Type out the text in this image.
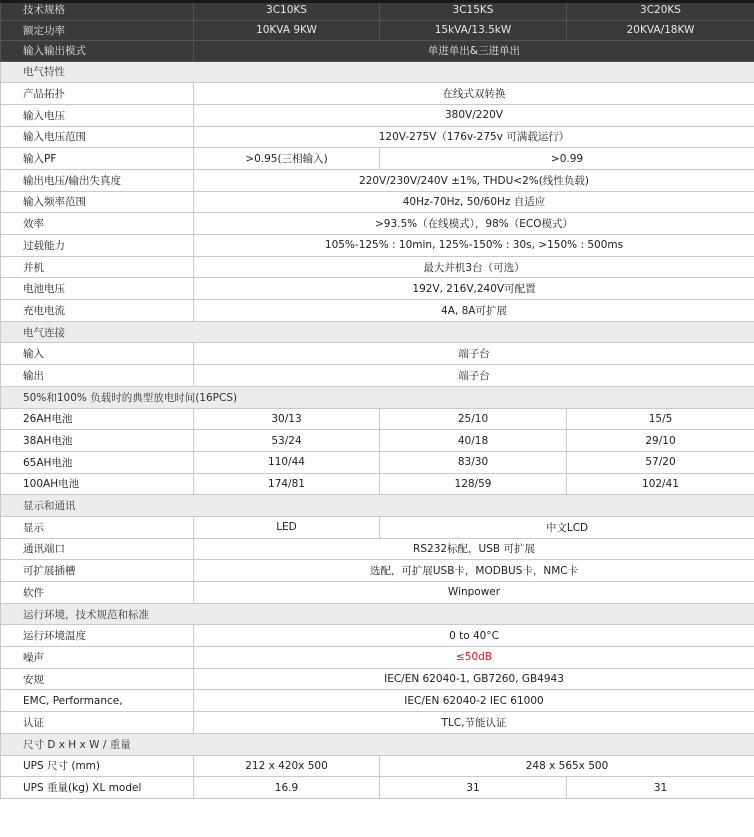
技术规格	3C10KS	3C15KS	3C20KS
额定功率	10KVA 9KW	15kVA/13.5kW	20KVA/18KW
输入输出模式	单进单出&三进单出		
电气特性			
产品拓扑	在线式双转换		
输入电压	380V/220V		
输入电压范围	120V-275V（176v-275v 可满载运行）		
输入PF	>0.95(三相输入)	>0.99	
输出电压/输出失真度	220V/230V/240V ±1%, THDU<2%(线性负载)		
输入频率范围	40Hz-70Hz, 50/60Hz 自适应		
效率	>93.5%（在线模式），98%（ECO模式）		
过载能力	105%-125% : 10min, 125%-150% : 30s, >150% : 500ms		
并机	最大并机3台（可选）		
电池电压	192V, 216V,240V可配置		
充电电流	4A, 8A可扩展		
电气连接			
输入	端子台		
输出	端子台		
50%和100% 负载时的典型放电时间(16PCS)			
26AH电池	30/13	25/10	15/5
38AH电池	53/24	40/18	29/10
65AH电池	110/44	83/30	57/20
100AH电池	174/81	128/59	102/41
显示和通讯			
显示	LED	中文LCD	
通讯端口	RS232标配，USB 可扩展		
可扩展插槽	选配，可扩展USB卡，MODBUS卡，NMC卡		
软件	Winpower		
运行环境，技术规范和标准			
运行环境温度	0 to 40°C		
噪声	≤50dB		
安规	IEC/EN 62040-1, GB7260, GB4943		
EMC, Performance,	IEC/EN 62040-2 IEC 61000		
认证	TLC,节能认证		
尺寸 D x H x W / 重量			
UPS 尺寸 (mm)	212 x 420x 500	248 x 565x 500	
UPS 重量(kg) XL model	16.9	31	31
